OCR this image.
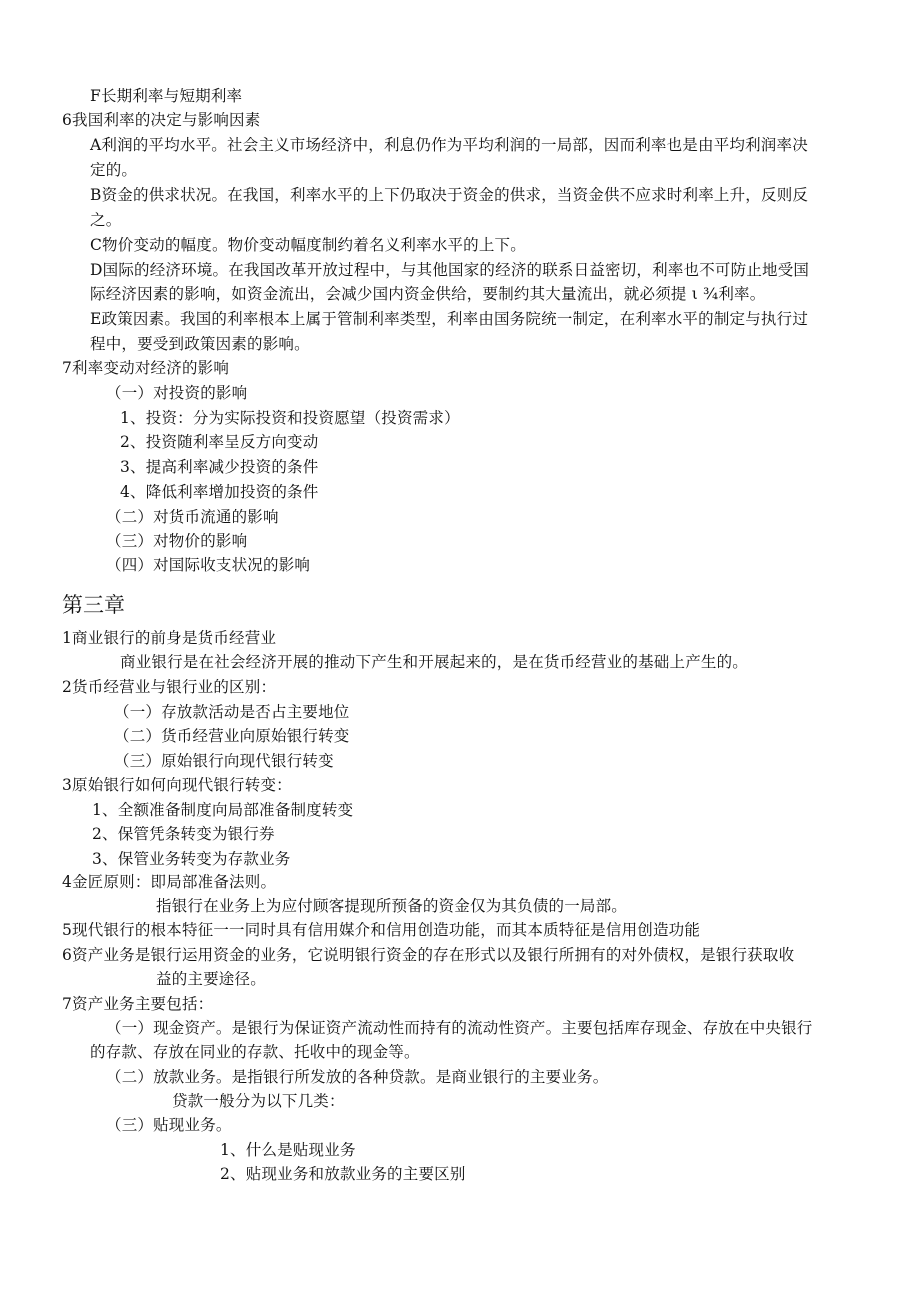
F长期利率与短期利率
6我国利率的决定与影响因素
A利润的平均水平。社会主义市场经济中，利息仍作为平均利润的一局部，因而利率也是由平均利润率决
定的。
B资金的供求状况。在我国，利率水平的上下仍取决于资金的供求，当资金供不应求时利率上升，反则反
之。
C物价变动的幅度。物价变动幅度制约着名义利率水平的上下。
D国际的经济环境。在我国改革开放过程中，与其他国家的经济的联系日益密切，利率也不可防止地受国
际经济因素的影响，如资金流出，会减少国内资金供给，要制约其大量流出，就必须提 ι ¾利率。
E政策因素。我国的利率根本上属于管制利率类型，利率由国务院统一制定，在利率水平的制定与执行过
程中，要受到政策因素的影响。
7利率变动对经济的影响
（一）对投资的影响
1、投资：分为实际投资和投资愿望（投资需求）
2、投资随利率呈反方向变动
3、提高利率减少投资的条件
4、降低利率增加投资的条件
（二）对货币流通的影响
（三）对物价的影响
（四）对国际收支状况的影响
第三章
1商业银行的前身是货币经营业
商业银行是在社会经济开展的推动下产生和开展起来的，是在货币经营业的基础上产生的。
2货币经营业与银行业的区别：
（一）存放款活动是否占主要地位
（二）货币经营业向原始银行转变
（三）原始银行向现代银行转变
3原始银行如何向现代银行转变：
1、全额准备制度向局部准备制度转变
2、保管凭条转变为银行券
3、保管业务转变为存款业务
4金匠原则：即局部准备法则。
指银行在业务上为应付顾客提现所预备的资金仅为其负债的一局部。
5现代银行的根本特征一一同时具有信用媒介和信用创造功能，而其本质特征是信用创造功能
6资产业务是银行运用资金的业务，它说明银行资金的存在形式以及银行所拥有的对外债权，是银行获取收
益的主要途径。
7资产业务主要包括：
（一）现金资产。是银行为保证资产流动性而持有的流动性资产。主要包括库存现金、存放在中央银行
的存款、存放在同业的存款、托收中的现金等。
（二）放款业务。是指银行所发放的各种贷款。是商业银行的主要业务。
贷款一般分为以下几类：
（三）贴现业务。
1、什么是贴现业务
2、贴现业务和放款业务的主要区别
